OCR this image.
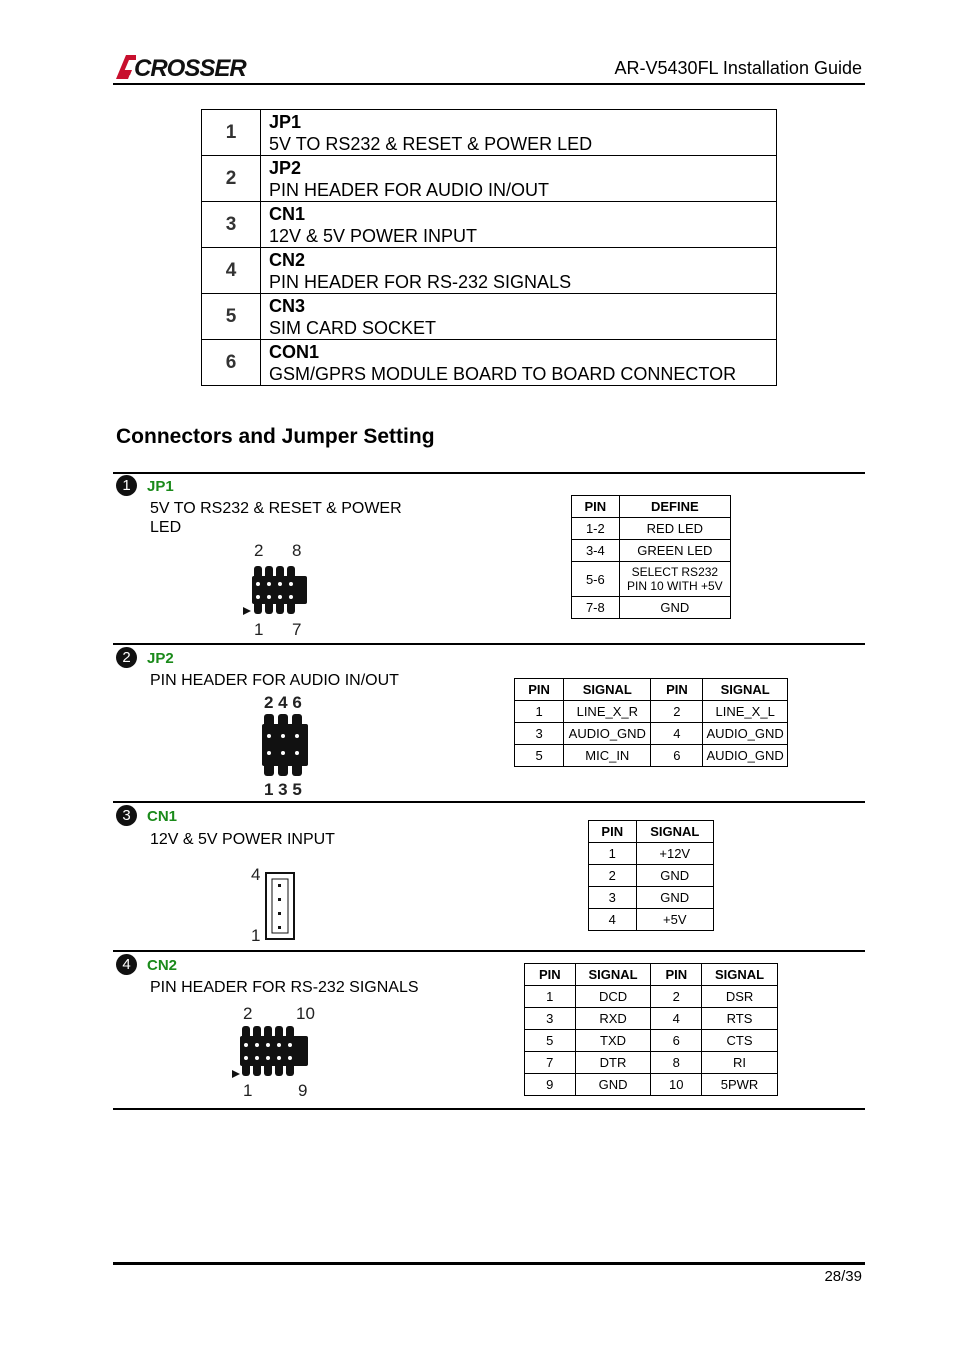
CROSSER	AR-V5430FL Installation Guide
1	JP1
5V TO RS232 & RESET & POWER LED

2	JP2
PIN HEADER FOR AUDIO IN/OUT

3	CN1
12V & 5V POWER INPUT

4	CN2
PIN HEADER FOR RS-232 SIGNALS

5	CN3
SIM CARD SOCKET

6	CON1
GSM/GPRS MODULE BOARD TO BOARD CONNECTOR
Connectors and Jumper Setting
1	JP1
5V TO RS232 & RESET & POWER LED
2 8
1 7
PIN	DEFINE
1-2	RED LED
3-4	GREEN LED
5-6	SELECT RS232 PIN 10 WITH +5V
7-8	GND
2	JP2
PIN HEADER FOR AUDIO IN/OUT
2 4 6
1 3 5
PIN	SIGNAL	PIN	SIGNAL
1	LINE_X_R	2	LINE_X_L
3	AUDIO_GND	4	AUDIO_GND
5	MIC_IN	6	AUDIO_GND
3	CN1
12V & 5V POWER INPUT
4
1
PIN	SIGNAL
1	+12V
2	GND
3	GND
4	+5V
4	CN2
PIN HEADER FOR RS-232 SIGNALS
2	10
1	9
PIN	SIGNAL	PIN	SIGNAL
1	DCD	2	DSR
3	RXD	4	RTS
5	TXD	6	CTS
7	DTR	8	RI
9	GND	10	5PWR
28/39
